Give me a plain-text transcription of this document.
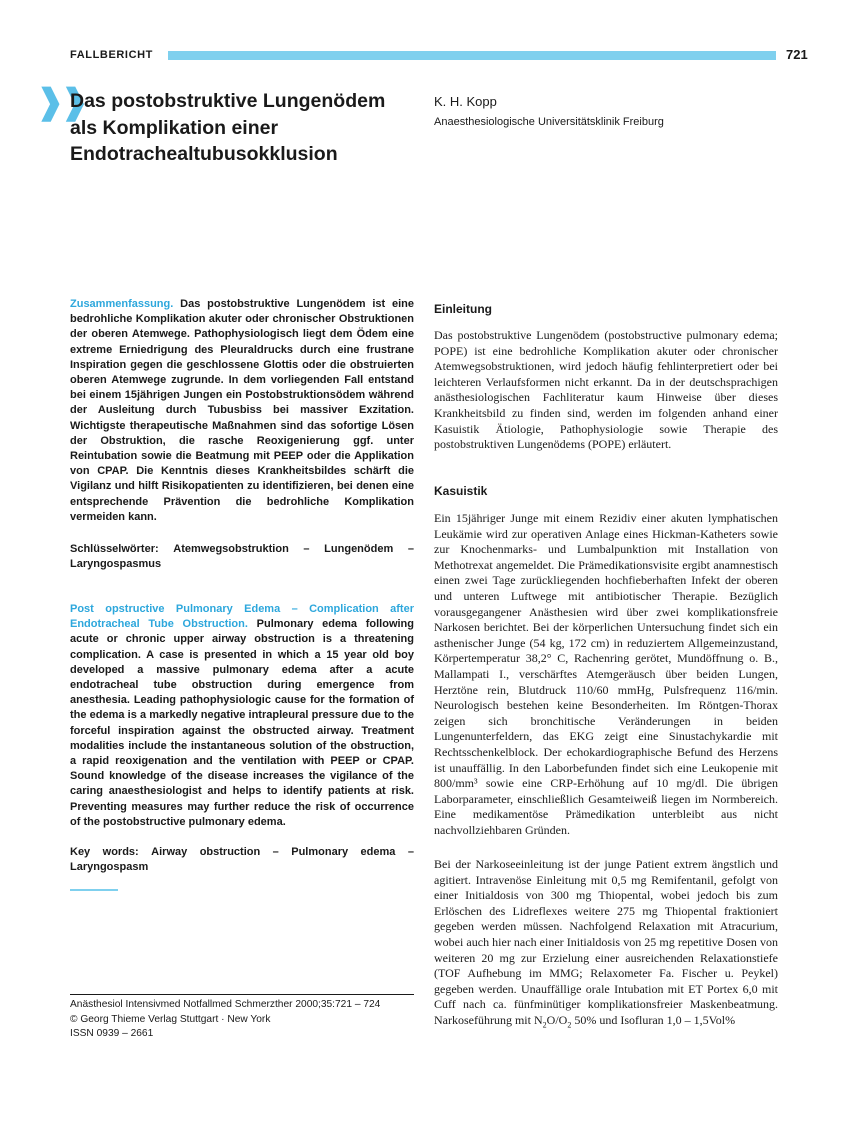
FALLBERICHT	721
❱❱
Das postobstruktive Lungenödem als Komplikation einer Endotrachealtubusokklusion
K. H. Kopp
Anaesthesiologische Universitätsklinik Freiburg

Zusammenfassung. Das postobstruktive Lungenödem ist eine bedrohliche Komplikation akuter oder chronischer Obstruktionen der oberen Atemwege. Pathophysiologisch liegt dem Ödem eine extreme Erniedrigung des Pleuraldrucks durch eine frustrane Inspiration gegen die geschlossene Glottis oder die obstruierten oberen Atemwege zugrunde. In dem vorliegenden Fall entstand bei einem 15jährigen Jungen ein Postobstruktionsödem während der Ausleitung durch Tubusbiss bei massiver Exzitation. Wichtigste therapeutische Maßnahmen sind das sofortige Lösen der Obstruktion, die rasche Reoxigenierung ggf. unter Reintubation sowie die Beatmung mit PEEP oder die Applikation von CPAP. Die Kenntnis dieses Krankheitsbildes schärft die Vigilanz und hilft Risikopatienten zu identifizieren, bei denen eine entsprechende Prävention die bedrohliche Komplikation vermeiden kann.

Schlüsselwörter: Atemwegsobstruktion – Lungenödem – Laryngospasmus

Post opstructive Pulmonary Edema – Complication after Endotracheal Tube Obstruction. Pulmonary edema following acute or chronic upper airway obstruction is a threatening complication. A case is presented in which a 15 year old boy developed a massive pulmonary edema after a acute endotracheal tube obstruction during emergence from anesthesia. Leading pathophysiologic cause for the formation of the edema is a markedly negative intrapleural pressure due to the forceful inspiration against the obstructed airway. Treatment modalities include the instantaneous solution of the obstruction, a rapid reoxigenation and the ventilation with PEEP or CPAP. Sound knowledge of the disease increases the vigilance of the caring anaesthesiologist and helps to identify patients at risk. Preventing measures may further reduce the risk of occurrence of the postobstructive pulmonary edema.

Key words: Airway obstruction – Pulmonary edema – Laryngospasm

Anästhesiol Intensivmed Notfallmed Schmerzther 2000;35:721 – 724
© Georg Thieme Verlag Stuttgart · New York
ISSN 0939 – 2661
Einleitung

Das postobstruktive Lungenödem (postobstructive pulmonary edema; POPE) ist eine bedrohliche Komplikation akuter oder chronischer Atemwegsobstruktionen, wird jedoch häufig fehlinterpretiert oder bei leichteren Verlaufsformen nicht erkannt. Da in der deutschsprachigen anästhesiologischen Fachliteratur kaum Hinweise über dieses Krankheitsbild zu finden sind, werden im folgenden anhand einer Kasuistik Ätiologie, Pathophysiologie sowie Therapie des postobstruktiven Lungenödems (POPE) erläutert.

Kasuistik

Ein 15jähriger Junge mit einem Rezidiv einer akuten lymphatischen Leukämie wird zur operativen Anlage eines Hickman-Katheters sowie zur Knochenmarks- und Lumbalpunktion mit Installation von Methotrexat angemeldet. Die Prämedikationsvisite ergibt anamnestisch einen zwei Tage zurückliegenden hochfieberhaften Infekt der oberen und unteren Luftwege mit antibiotischer Therapie. Bezüglich vorausgegangener Anästhesien wird über zwei komplikationsfreie Narkosen berichtet. Bei der körperlichen Untersuchung findet sich ein asthenischer Junge (54 kg, 172 cm) in reduziertem Allgemeinzustand, Körpertemperatur 38,2° C, Rachenring gerötet, Mundöffnung o. B., Mallampati I., verschärftes Atemgeräusch über beiden Lungen, Herztöne rein, Blutdruck 110/60 mmHg, Pulsfrequenz 116/min. Neurologisch bestehen keine Besonderheiten. Im Röntgen-Thorax zeigen sich bronchitische Veränderungen in beiden Lungenunterfeldern, das EKG zeigt eine Sinustachykardie mit Rechtsschenkelblock. Der echokardiographische Befund des Herzens ist unauffällig. In den Laborbefunden findet sich eine Leukopenie mit 800/mm³ sowie eine CRP-Erhöhung auf 10 mg/dl. Die übrigen Laborparameter, einschließlich Gesamteiweiß liegen im Normbereich. Eine medikamentöse Prämedikation unterbleibt aus nicht nachvollziehbaren Gründen.

Bei der Narkoseeinleitung ist der junge Patient extrem ängstlich und agitiert. Intravenöse Einleitung mit 0,5 mg Remifentanil, gefolgt von einer Initialdosis von 300 mg Thiopental, wobei jedoch bis zum Erlöschen des Lidreflexes weitere 275 mg Thiopental fraktioniert gegeben werden müssen. Nachfolgend Relaxation mit Atracurium, wobei auch hier nach einer Initialdosis von 25 mg repetitive Dosen von weiteren 20 mg zur Erzielung einer ausreichenden Relaxationstiefe (TOF Aufhebung im MMG; Relaxometer Fa. Fischer u. Peykel) gegeben werden. Unauffällige orale Intubation mit ET Portex 6,0 mit Cuff nach ca. fünfminütiger komplikationsfreier Maskenbeatmung. Narkoseführung mit $N_2O/O_2$ 50% und Isofluran 1,0 – 1,5Vol%
